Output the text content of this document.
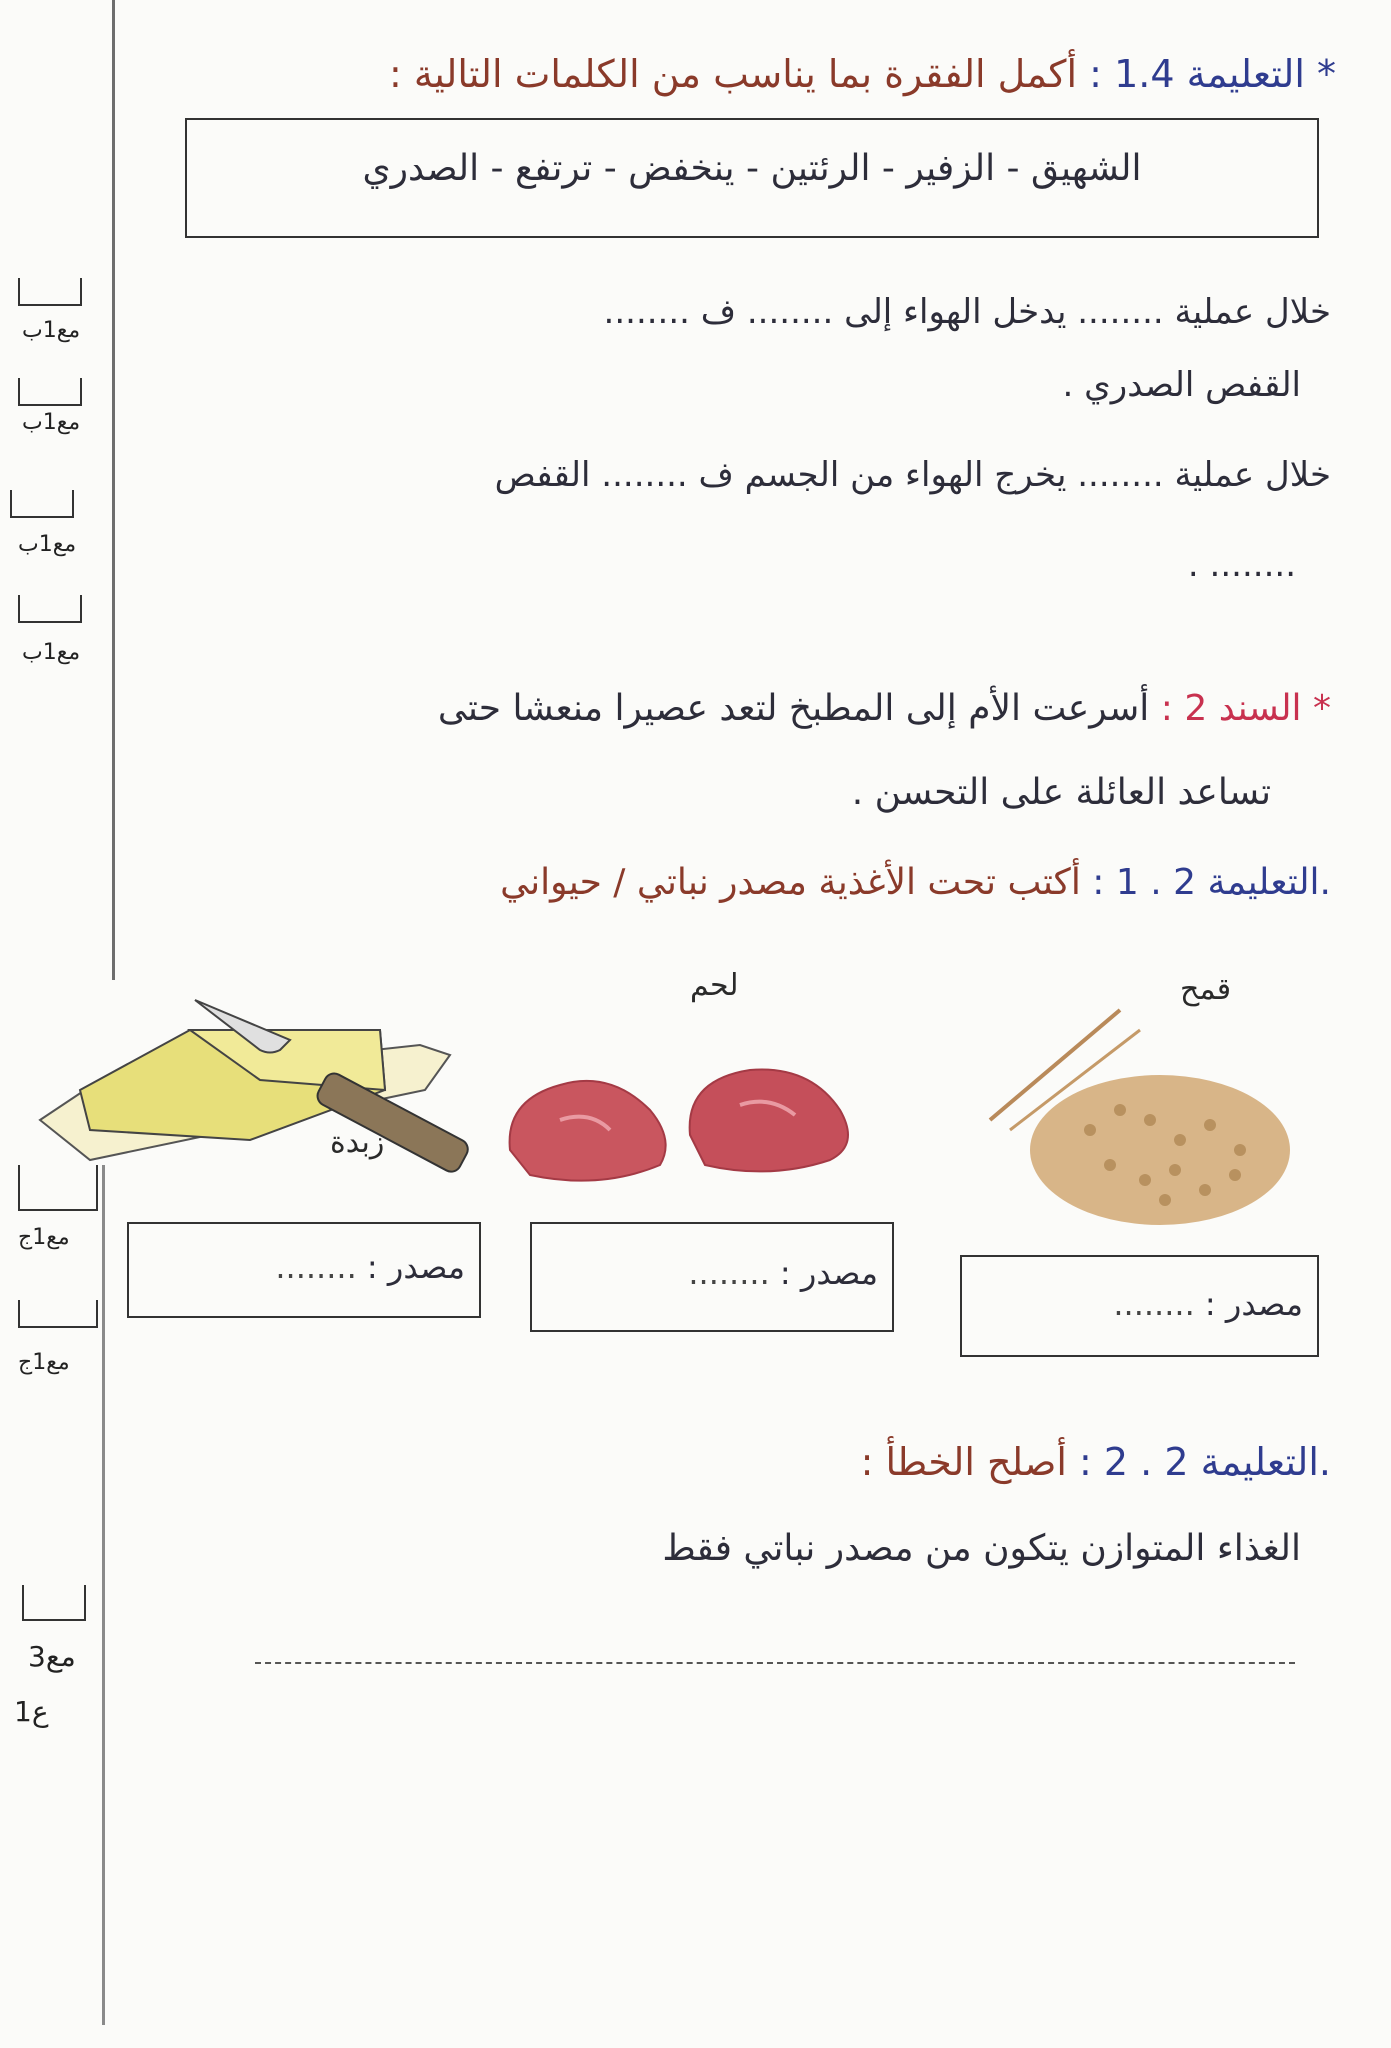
* التعليمة 1.4 : أكمل الفقرة بما يناسب من الكلمات التالية :
الشهيق - الزفير - الرئتين - ينخفض - ترتفع - الصدري
خلال عملية ........ يدخل الهواء إلى ........ ف ........
القفص الصدري .
خلال عملية ........ يخرج الهواء من الجسم ف ........ القفص
........ .
مع1ب
مع1ب
مع1ب
مع1ب
* السند 2 : أسرعت الأم إلى المطبخ لتعد عصيرا منعشا حتى
تساعد العائلة على التحسن .
.التعليمة 2 . 1 : أكتب تحت الأغذية مصدر نباتي / حيواني
زبدة
لحم	قمح
مصدر : ........	مصدر : ........
مصدر : ........
مع1ج
مع1ج
.التعليمة 2 . 2 : أصلح الخطأ :
الغذاء المتوازن يتكون من مصدر نباتي فقط
مع3
ع1
